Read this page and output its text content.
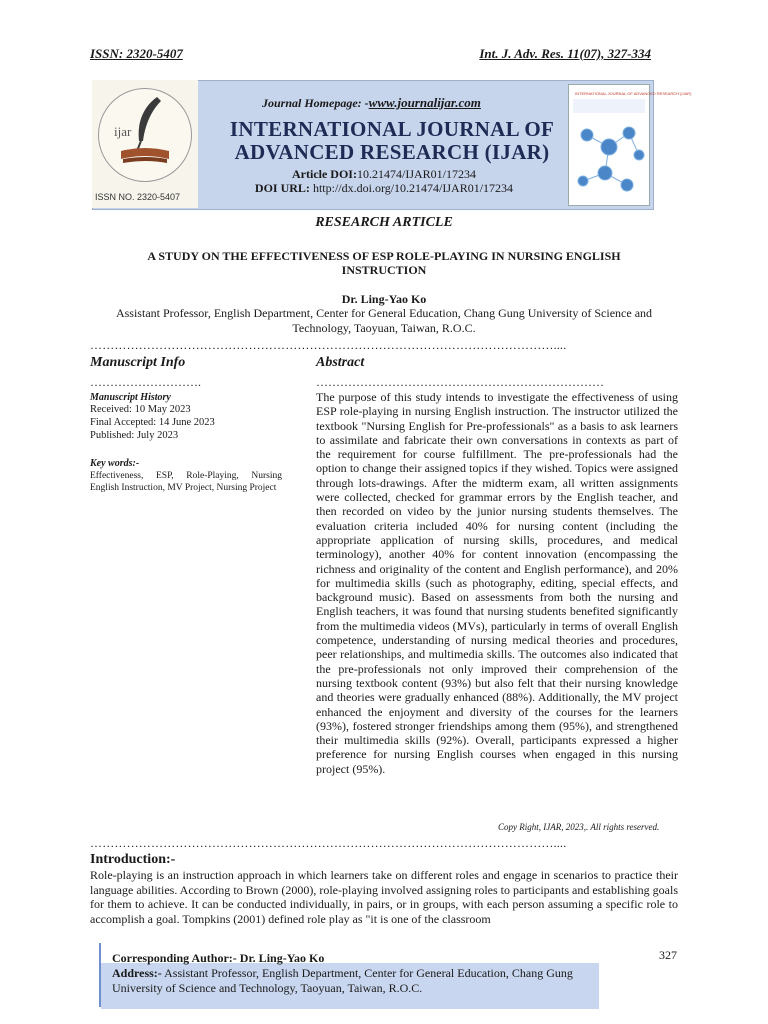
ISSN: 2320-5407	Int. J. Adv. Res. 11(07), 327-334
ijar
ISSN NO. 2320-5407
Journal Homepage: -www.journalijar.com
INTERNATIONAL JOURNAL OF
ADVANCED RESEARCH (IJAR)
Article DOI:10.21474/IJAR01/17234
DOI URL: http://dx.doi.org/10.21474/IJAR01/17234
INTERNATIONAL JOURNAL OF ADVANCED RESEARCH (IJAR)
RESEARCH ARTICLE
A STUDY ON THE EFFECTIVENESS OF ESP ROLE-PLAYING IN NURSING ENGLISH INSTRUCTION
Dr. Ling-Yao Ko
Assistant Professor, English Department, Center for General Education, Chang Gung University of Science and Technology, Taoyuan, Taiwan, R.O.C.
……………………………………………………………………………………………………....
Manuscript Info
……………………….
Manuscript History
Received: 10 May 2023
Final Accepted: 14 June 2023
Published: July 2023
Key words:-
Effectiveness, ESP, Role-Playing, Nursing English Instruction, MV Project, Nursing Project
Abstract
………………………………………………………………
The purpose of this study intends to investigate the effectiveness of using ESP role-playing in nursing English instruction. The instructor utilized the textbook "Nursing English for Pre-professionals" as a basis to ask learners to assimilate and fabricate their own conversations in contexts as part of the requirement for course fulfillment. The pre-professionals had the option to change their assigned topics if they wished. Topics were assigned through lots-drawings. After the midterm exam, all written assignments were collected, checked for grammar errors by the English teacher, and then recorded on video by the junior nursing students themselves. The evaluation criteria included 40% for nursing content (including the appropriate application of nursing skills, procedures, and medical terminology), another 40% for content innovation (encompassing the richness and originality of the content and English performance), and 20% for multimedia skills (such as photography, editing, special effects, and background music). Based on assessments from both the nursing and English teachers, it was found that nursing students benefited significantly from the multimedia videos (MVs), particularly in terms of overall English competence, understanding of nursing medical theories and procedures, peer relationships, and multimedia skills. The outcomes also indicated that the pre-professionals not only improved their comprehension of the nursing textbook content (93%) but also felt that their nursing knowledge and theories were gradually enhanced (88%). Additionally, the MV project enhanced the enjoyment and diversity of the courses for the learners (93%), fostered stronger friendships among them (95%), and strengthened their multimedia skills (92%). Overall, participants expressed a higher preference for nursing English courses when engaged in this nursing project (95%).
Copy Right, IJAR, 2023,. All rights reserved.
……………………………………………………………………………………………………....
Introduction:-
Role-playing is an instruction approach in which learners take on different roles and engage in scenarios to practice their language abilities. According to Brown (2000), role-playing involved assigning roles to participants and establishing goals for them to achieve. It can be conducted individually, in pairs, or in groups, with each person assuming a specific role to accomplish a goal. Tompkins (2001) defined role play as "it is one of the classroom
Corresponding Author:- Dr. Ling-Yao Ko
Address:- Assistant Professor, English Department, Center for General Education, Chang Gung University of Science and Technology, Taoyuan, Taiwan, R.O.C.
327
